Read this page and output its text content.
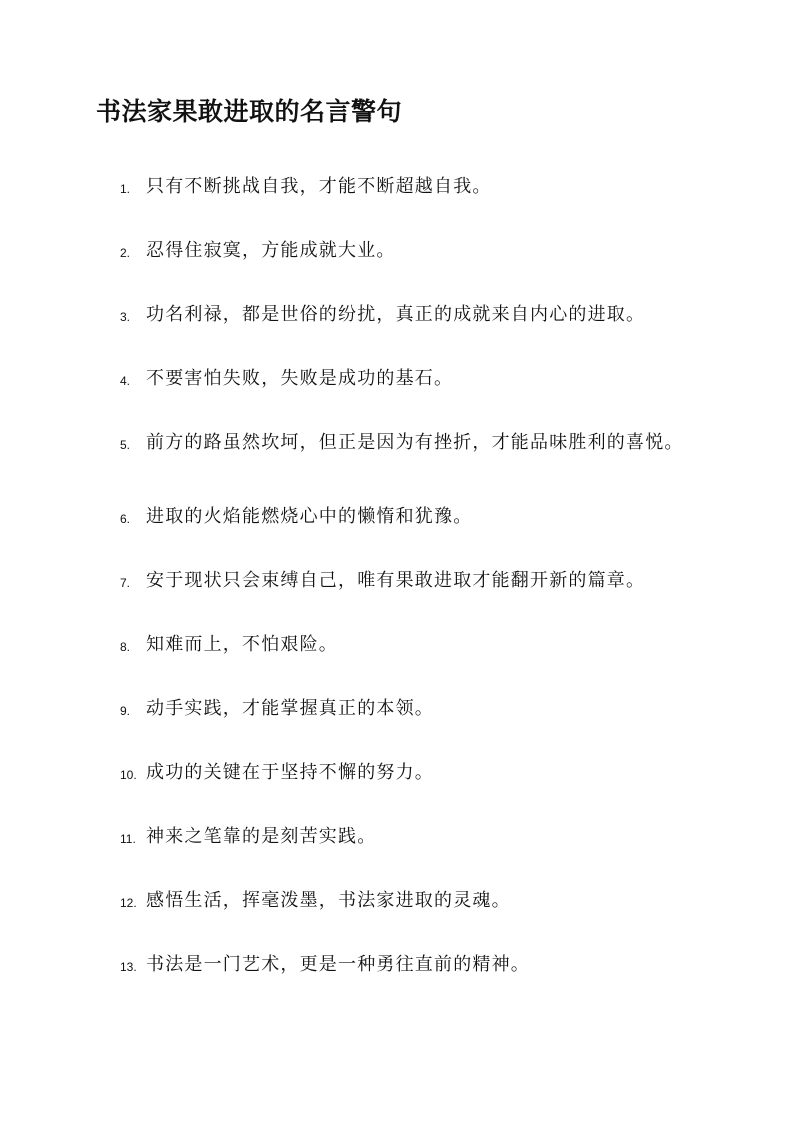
书法家果敢进取的名言警句
1. 只有不断挑战自我，才能不断超越自我。
2. 忍得住寂寞，方能成就大业。
3. 功名利禄，都是世俗的纷扰，真正的成就来自内心的进取。
4. 不要害怕失败，失败是成功的基石。
5. 前方的路虽然坎坷，但正是因为有挫折，才能品味胜利的喜悦。
6. 进取的火焰能燃烧心中的懒惰和犹豫。
7. 安于现状只会束缚自己，唯有果敢进取才能翻开新的篇章。
8. 知难而上，不怕艰险。
9. 动手实践，才能掌握真正的本领。
10. 成功的关键在于坚持不懈的努力。
11. 神来之笔靠的是刻苦实践。
12. 感悟生活，挥毫泼墨，书法家进取的灵魂。
13. 书法是一门艺术，更是一种勇往直前的精神。
